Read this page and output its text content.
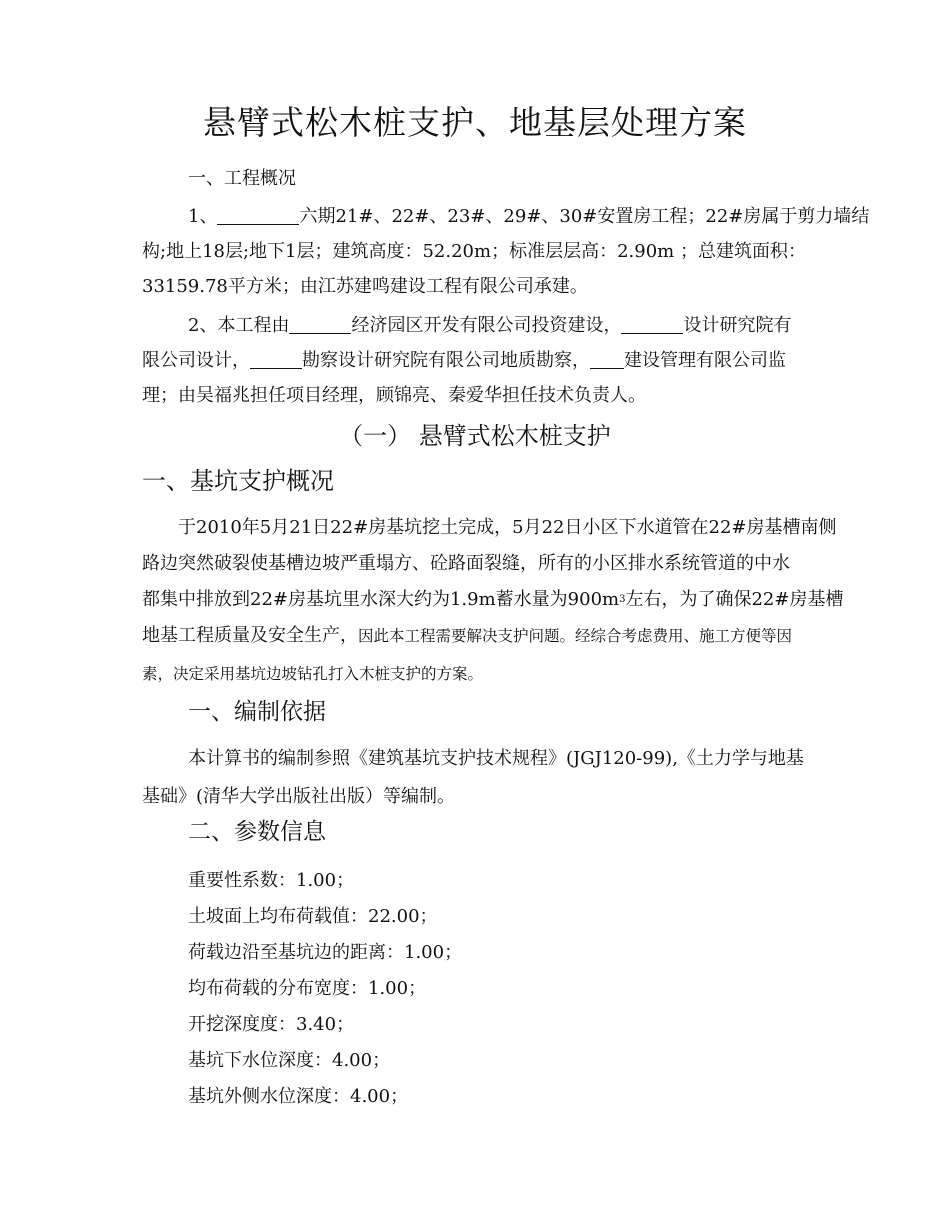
悬臂式松木桩支护、地基层处理方案
一、工程概况
1、	六期21#、22#、23#、29#、30#安置房工程；22#房属于剪力墙结
构;地上18层;地下1层；建筑高度：52.20m；标准层层高：2.90m ；总建筑面积：
33159.78平方米；由江苏建鸣建设工程有限公司承建。
2、本工程由	经济园区开发有限公司投资建设，	设计研究院有
限公司设计，	勘察设计研究院有限公司地质勘察， 建设管理有限公司监
理；由吴福兆担任项目经理，顾锦亮、秦爱华担任技术负责人。
（一） 悬臂式松木桩支护
一、基坑支护概况
于2010年5月21日22#房基坑挖土完成，5月22日小区下水道管在22#房基槽南侧
路边突然破裂使基槽边坡严重塌方、砼路面裂缝，所有的小区排水系统管道的中水
都集中排放到22#房基坑里水深大约为1.9m蓄水量为$900m^3$左右，为了确保22#房基槽
地基工程质量及安全生产，因此本工程需要解决支护问题。经综合考虑费用、施工方便等因
素，决定采用基坑边坡钻孔打入木桩支护的方案。
一、编制依据
本计算书的编制参照《建筑基坑支护技术规程》(JGJ120-99),《土力学与地基
基础》(清华大学出版社出版）等编制。
二、参数信息
重要性系数：1.00；
土坡面上均布荷载值：22.00；
荷载边沿至基坑边的距离：1.00；
均布荷载的分布宽度：1.00；
开挖深度度：3.40；
基坑下水位深度：4.00；
基坑外侧水位深度：4.00；
